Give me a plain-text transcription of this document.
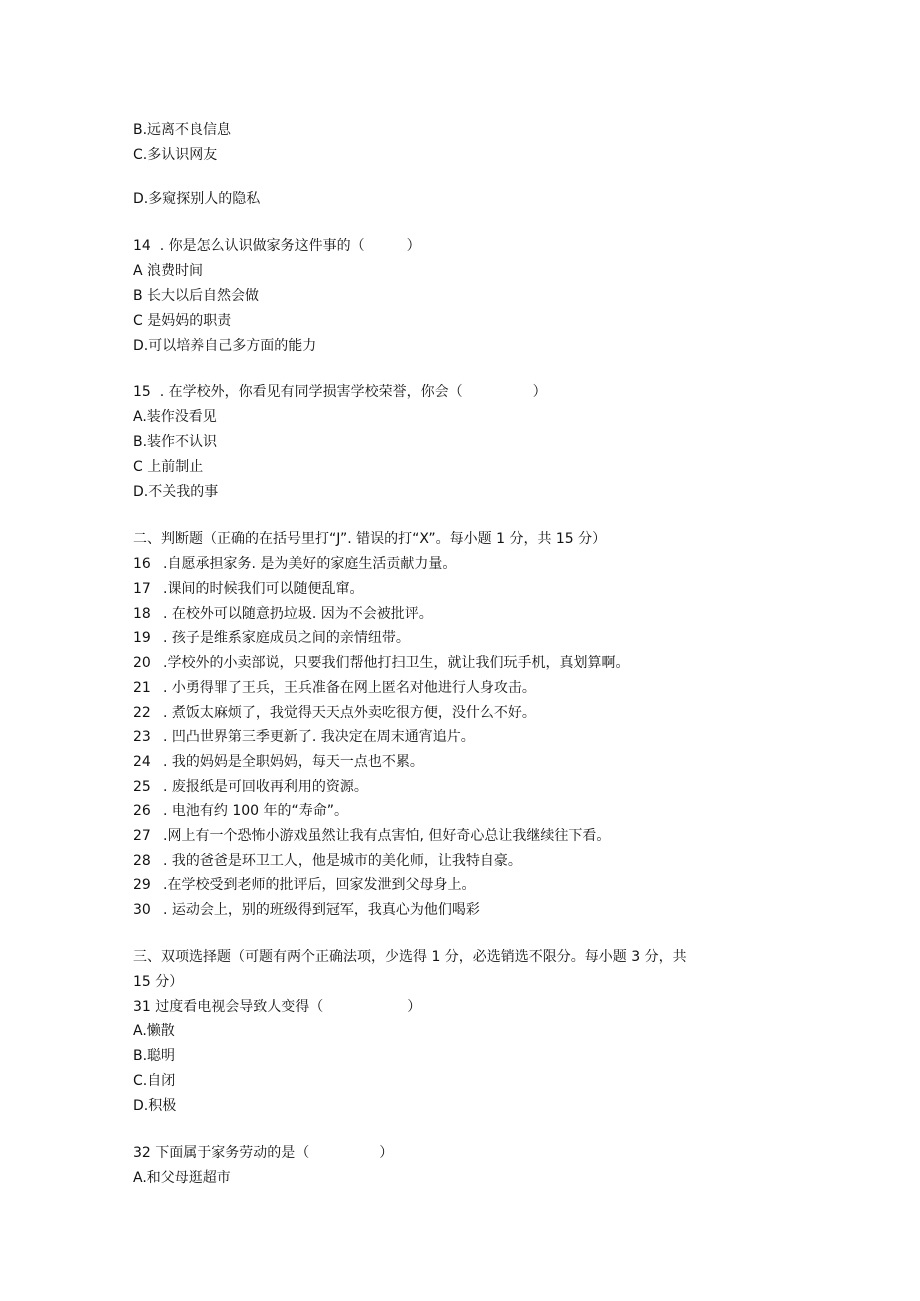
B.远离不良信息
C.多认识网友
D.多窥探别人的隐私
14  . 你是怎么认识做家务这件事的（　　　）
A 浪费时间
B 长大以后自然会做
C 是妈妈的职责
D.可以培养自己多方面的能力
15  . 在学校外，你看见有同学损害学校荣誉，你会（　　　　　）
A.装作没看见
B.装作不认识
C 上前制止
D.不关我的事
二、判断题（正确的在括号里打“J”. 错误的打“X”。每小题 1 分，共 15 分）
16 .自愿承担家务. 是为美好的家庭生活贡献力量。
17 .课间的时候我们可以随便乱窜。
18 . 在校外可以随意扔垃圾. 因为不会被批评。
19 . 孩子是维系家庭成员之间的亲情纽带。
20 .学校外的小卖部说，只要我们帮他打扫卫生，就让我们玩手机，真划算啊。
21 . 小勇得罪了王兵，王兵准备在网上匿名对他进行人身攻击。
22 . 煮饭太麻烦了，我觉得天天点外卖吃很方便，没什么不好。
23 . 凹凸世界第三季更新了. 我决定在周末通宵追片。
24 . 我的妈妈是全职妈妈，每天一点也不累。
25 . 废报纸是可回收再利用的资源。
26 . 电池有约 100 年的“寿命”。
27 .网上有一个恐怖小游戏虽然让我有点害怕, 但好奇心总让我继续往下看。
28 . 我的爸爸是环卫工人，他是城市的美化师，让我特自豪。
29 .在学校受到老师的批评后，回家发泄到父母身上。
30 . 运动会上，别的班级得到冠军，我真心为他们喝彩
三、双项选择题（可题有两个正确法项，少选得 1 分，必选销选不限分。每小题 3 分，共
15 分）
31 过度看电视会导致人变得（　　　　　　）
A.懒散
B.聪明
C.自闭
D.积极
32 下面属于家务劳动的是（　　　　　）
A.和父母逛超市
